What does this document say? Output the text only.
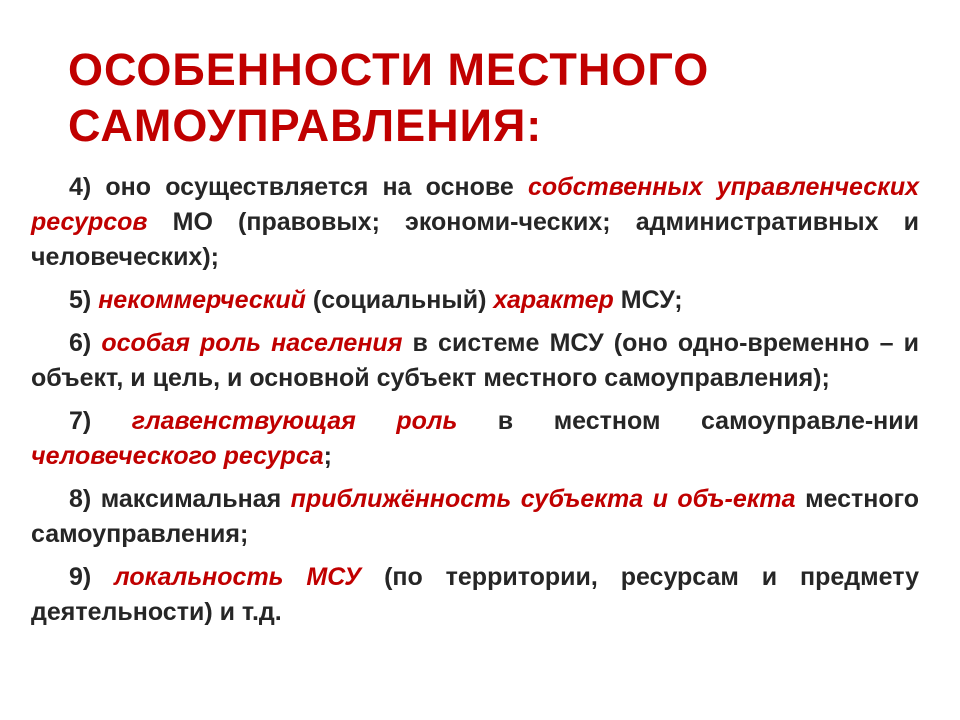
ОСОБЕННОСТИ МЕСТНОГО
САМОУПРАВЛЕНИЯ:

4) оно осуществляется на основе собственных управленческих ресурсов МО (правовых; экономи-ческих; административных и человеческих);

5) некоммерческий (социальный) характер МСУ;

6) особая роль населения в системе МСУ (оно одно-временно – и объект, и цель, и основной субъект местного самоуправления);

7) главенствующая роль в местном самоуправле-нии человеческого ресурса;

8) максимальная приближённость субъекта и объ-екта местного самоуправления;

9) локальность МСУ (по территории, ресурсам и предмету деятельности) и т.д.
